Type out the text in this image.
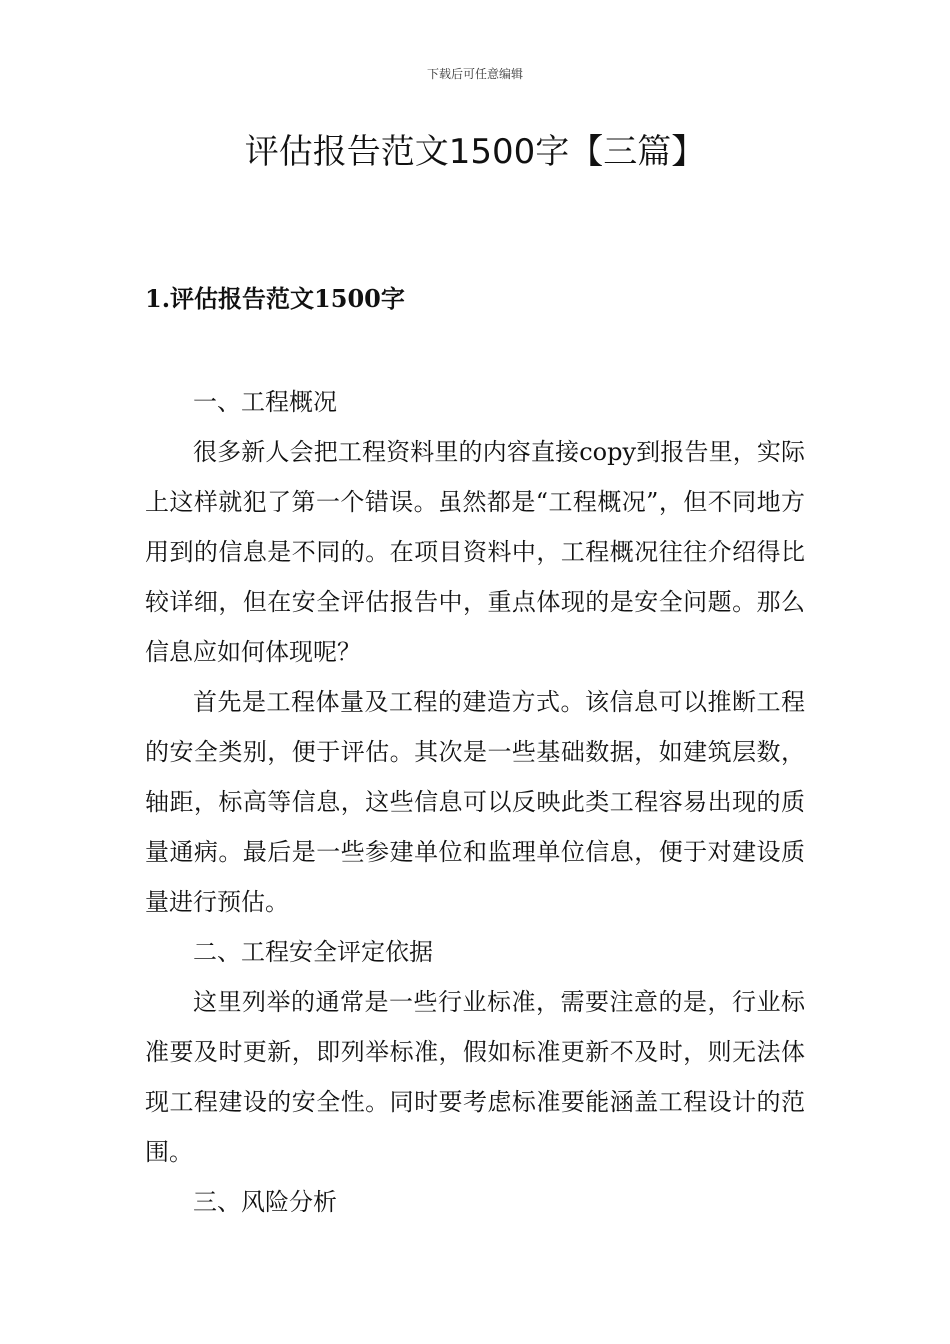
下载后可任意编辑
评估报告范文1500字【三篇】
1.评估报告范文1500字

一、工程概况

很多新人会把工程资料里的内容直接copy到报告里，实际上这样就犯了第一个错误。虽然都是“工程概况”，但不同地方用到的信息是不同的。在项目资料中，工程概况往往介绍得比较详细，但在安全评估报告中，重点体现的是安全问题。那么信息应如何体现呢？

首先是工程体量及工程的建造方式。该信息可以推断工程的安全类别，便于评估。其次是一些基础数据，如建筑层数，轴距，标高等信息，这些信息可以反映此类工程容易出现的质量通病。最后是一些参建单位和监理单位信息，便于对建设质量进行预估。

二、工程安全评定依据

这里列举的通常是一些行业标准，需要注意的是，行业标准要及时更新，即列举标准，假如标准更新不及时，则无法体现工程建设的安全性。同时要考虑标准要能涵盖工程设计的范围。

三、风险分析
